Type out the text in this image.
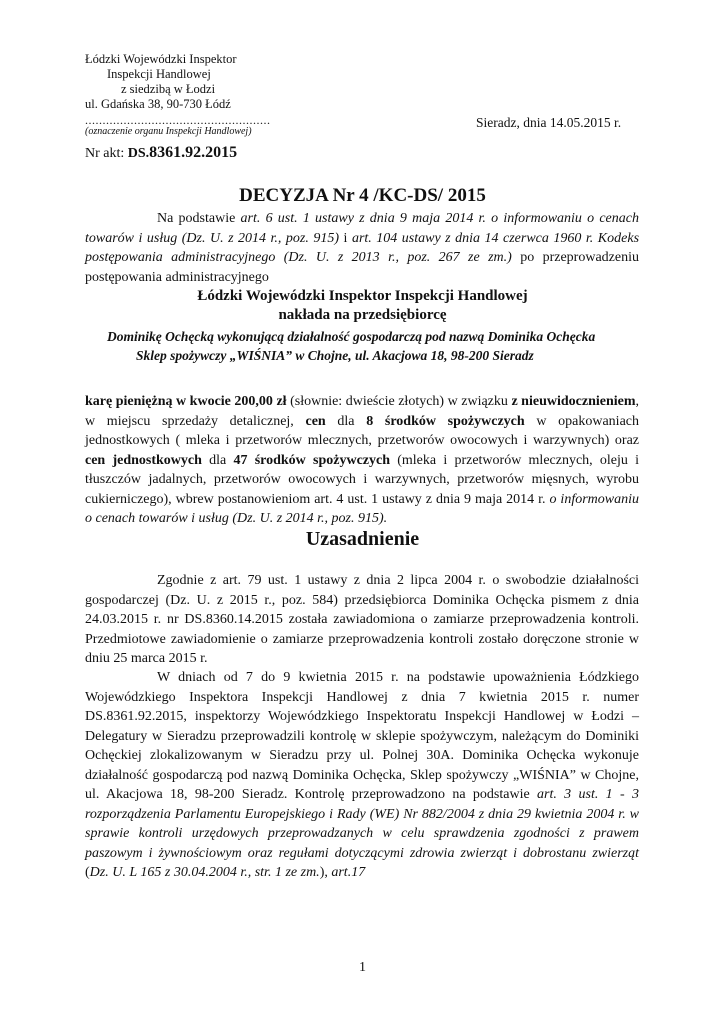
Łódzki Wojewódzki Inspektor
Inspekcji Handlowej
z siedzibą w Łodzi
ul. Gdańska 38, 90-730 Łódź
.....................................................
(oznaczenie organu Inspekcji Handlowej)
Sieradz, dnia 14.05.2015 r.
Nr akt: DS.8361.92.2015
DECYZJA Nr 4 /KC-DS/ 2015
Na podstawie art. 6 ust. 1 ustawy z dnia 9 maja 2014 r. o informowaniu o cenach towarów i usług (Dz. U. z 2014 r., poz. 915) i art. 104 ustawy z dnia 14 czerwca 1960 r. Kodeks postępowania administracyjnego (Dz. U. z 2013 r., poz. 267 ze zm.) po przeprowadzeniu postępowania administracyjnego
Łódzki Wojewódzki Inspektor Inspekcji Handlowej
nakłada na przedsiębiorcę
Dominikę Ochęcką wykonującą działalność gospodarczą pod nazwą Dominika Ochęcka
Sklep spożywczy „WIŚNIA” w Chojne, ul. Akacjowa 18, 98-200 Sieradz
karę pieniężną w kwocie 200,00 zł (słownie: dwieście złotych) w związku z nieuwidocznieniem, w miejscu sprzedaży detalicznej, cen dla 8 środków spożywczych w opakowaniach jednostkowych ( mleka i przetworów mlecznych, przetworów owocowych i warzywnych) oraz cen jednostkowych dla 47 środków spożywczych (mleka i przetworów mlecznych, oleju i tłuszczów jadalnych, przetworów owocowych i warzywnych, przetworów mięsnych, wyrobu cukierniczego), wbrew postanowieniom art. 4 ust. 1 ustawy z dnia 9 maja 2014 r. o informowaniu o cenach towarów i usług (Dz. U. z 2014 r., poz. 915).
Uzasadnienie
Zgodnie z art. 79 ust. 1 ustawy z dnia 2 lipca 2004 r. o swobodzie działalności gospodarczej (Dz. U. z 2015 r., poz. 584) przedsiębiorca Dominika Ochęcka pismem z dnia 24.03.2015 r. nr DS.8360.14.2015 została zawiadomiona o zamiarze przeprowadzenia kontroli. Przedmiotowe zawiadomienie o zamiarze przeprowadzenia kontroli zostało doręczone stronie w dniu 25 marca 2015 r.
W dniach od 7 do 9 kwietnia 2015 r. na podstawie upoważnienia Łódzkiego Wojewódzkiego Inspektora Inspekcji Handlowej z dnia 7 kwietnia 2015 r. numer DS.8361.92.2015, inspektorzy Wojewódzkiego Inspektoratu Inspekcji Handlowej w Łodzi – Delegatury w Sieradzu przeprowadzili kontrolę w sklepie spożywczym, należącym do Dominiki Ochęckiej zlokalizowanym w Sieradzu przy ul. Polnej 30A. Dominika Ochęcka wykonuje działalność gospodarczą pod nazwą Dominika Ochęcka, Sklep spożywczy „WIŚNIA” w Chojne, ul. Akacjowa 18, 98-200 Sieradz. Kontrolę przeprowadzono na podstawie art. 3 ust. 1 - 3 rozporządzenia Parlamentu Europejskiego i Rady (WE) Nr 882/2004 z dnia 29 kwietnia 2004 r. w sprawie kontroli urzędowych przeprowadzanych w celu sprawdzenia zgodności z prawem paszowym i żywnościowym oraz regułami dotyczącymi zdrowia zwierząt i dobrostanu zwierząt (Dz. U. L 165 z 30.04.2004 r., str. 1 ze zm.), art.17
1
